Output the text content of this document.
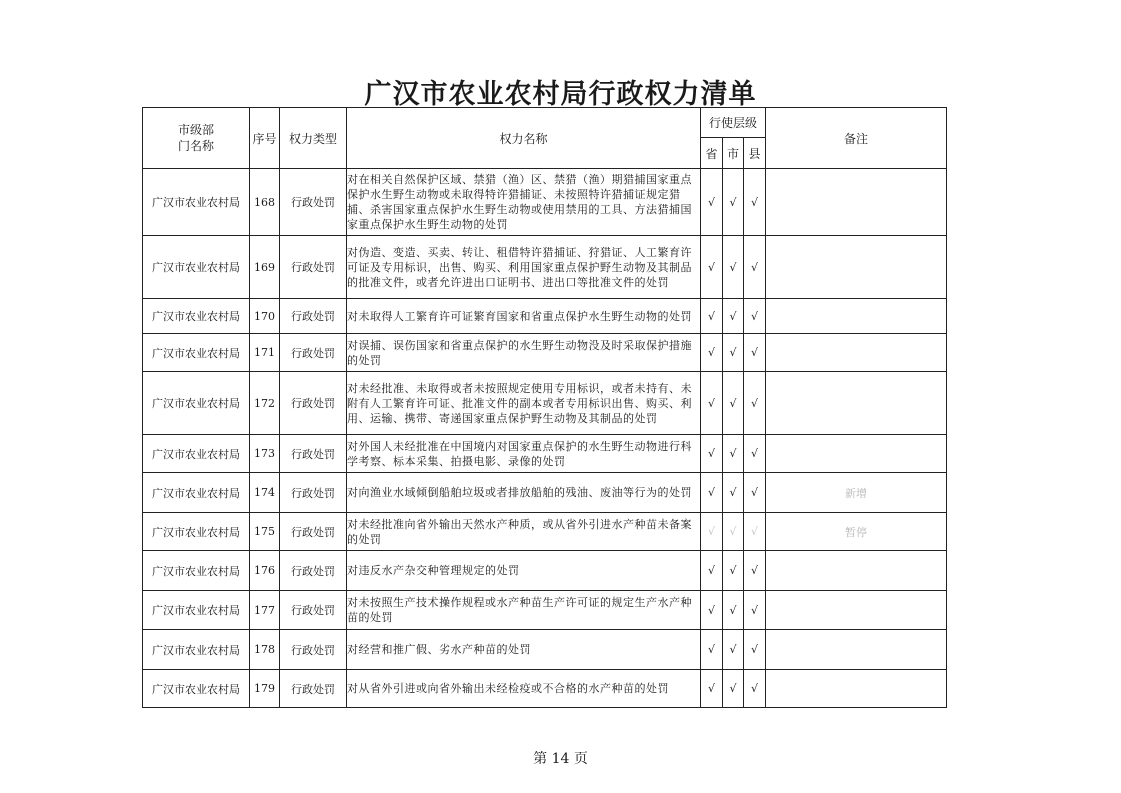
广汉市农业农村局行政权力清单
市级部门名称	序号	权力类型	权力名称	行使层级			备注
				省	市	县	
广汉市农业农村局	168	行政处罚	对在相关自然保护区域、禁猎（渔）区、禁猎（渔）期猎捕国家重点保护水生野生动物或未取得特许猎捕证、未按照特许猎捕证规定猎捕、杀害国家重点保护水生野生动物或使用禁用的工具、方法猎捕国家重点保护水生野生动物的处罚	√	√	√	
广汉市农业农村局	169	行政处罚	对伪造、变造、买卖、转让、租借特许猎捕证、狩猎证、人工繁育许可证及专用标识，出售、购买、利用国家重点保护野生动物及其制品的批准文件，或者允许进出口证明书、进出口等批准文件的处罚	√	√	√	
广汉市农业农村局	170	行政处罚	对未取得人工繁育许可证繁育国家和省重点保护水生野生动物的处罚	√	√	√	
广汉市农业农村局	171	行政处罚	对误捕、误伤国家和省重点保护的水生野生动物没及时采取保护措施的处罚	√	√	√	
广汉市农业农村局	172	行政处罚	对未经批准、未取得或者未按照规定使用专用标识，或者未持有、未附有人工繁育许可证、批准文件的副本或者专用标识出售、购买、利用、运输、携带、寄递国家重点保护野生动物及其制品的处罚	√	√	√	
广汉市农业农村局	173	行政处罚	对外国人未经批准在中国境内对国家重点保护的水生野生动物进行科学考察、标本采集、拍摄电影、录像的处罚	√	√	√	
广汉市农业农村局	174	行政处罚	对向渔业水域倾倒船舶垃圾或者排放船舶的残油、废油等行为的处罚	√	√	√	新增
广汉市农业农村局	175	行政处罚	对未经批准向省外输出天然水产种质，或从省外引进水产种苗未备案的处罚	√	√	√	暂停
广汉市农业农村局	176	行政处罚	对违反水产杂交种管理规定的处罚	√	√	√	
广汉市农业农村局	177	行政处罚	对未按照生产技术操作规程或水产种苗生产许可证的规定生产水产种苗的处罚	√	√	√	
广汉市农业农村局	178	行政处罚	对经营和推广假、劣水产种苗的处罚	√	√	√	
广汉市农业农村局	179	行政处罚	对从省外引进或向省外输出未经检疫或不合格的水产种苗的处罚	√	√	√	
第 14 页
